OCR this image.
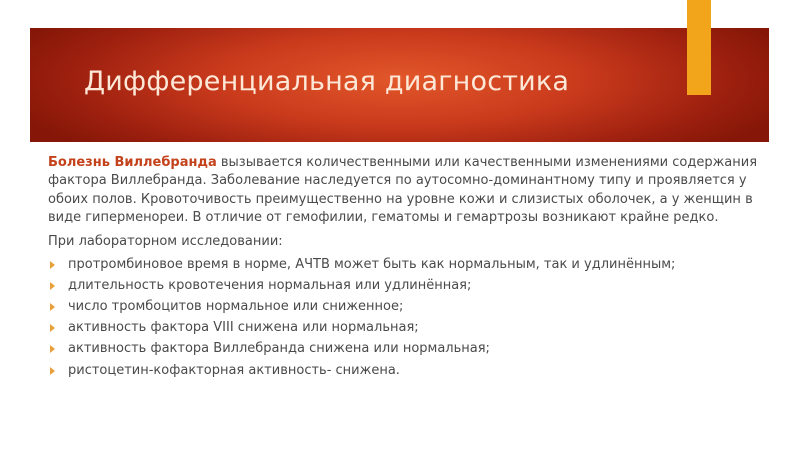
Дифференциальная диагностика

Болезнь Виллебранда вызывается количественными или качественными изменениями содержания фактора Виллебранда. Заболевание наследуется по аутосомно-доминантному типу и проявляется у обоих полов. Кровоточивость преимущественно на уровне кожи и слизистых оболочек, а у женщин в виде гиперменореи. В отличие от гемофилии, гематомы и гемартрозы возникают крайне редко.

При лабораторном исследовании:

протромбиновое время в норме, АЧТВ может быть как нормальным, так и удлинённым;
длительность кровотечения нормальная или удлинённая;
число тромбоцитов нормальное или сниженное;
активность фактора VIII снижена или нормальная;
активность фактора Виллебранда снижена или нормальная;
ристоцетин-кофакторная активность- снижена.
